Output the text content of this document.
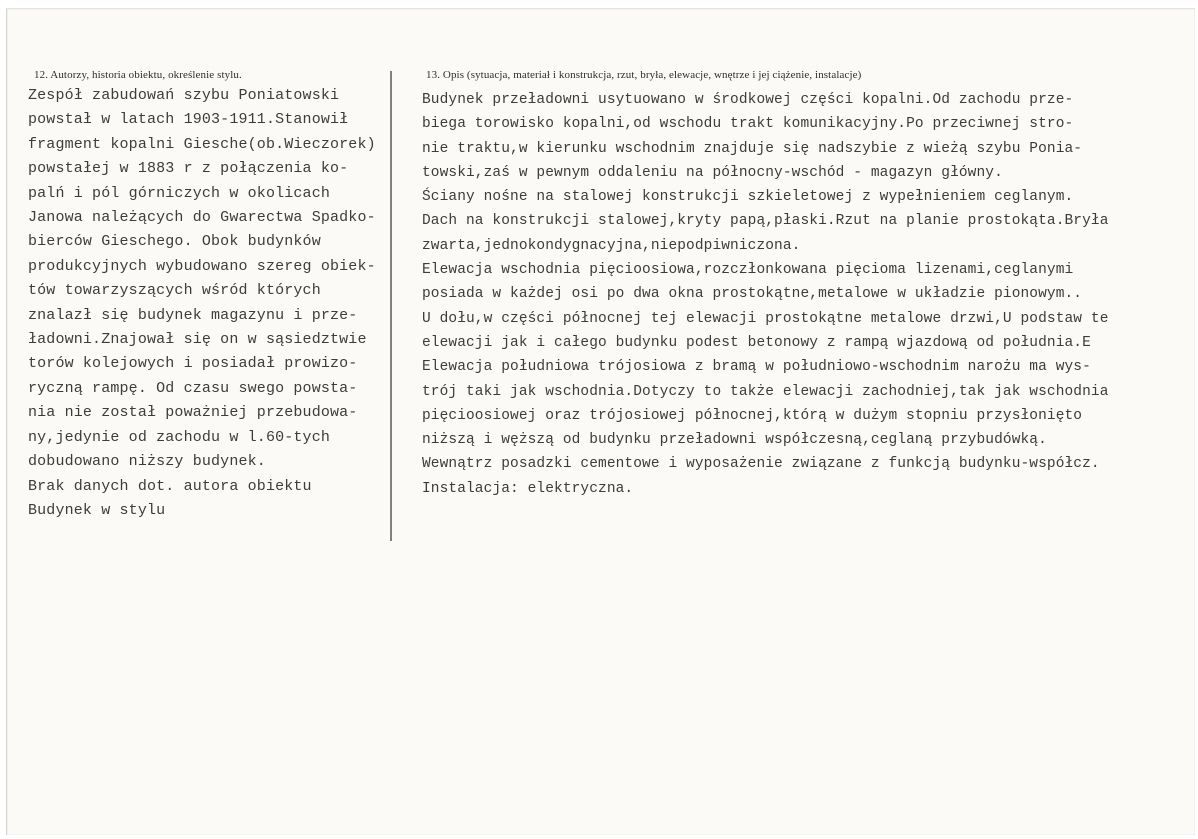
12. Autorzy, historia obiektu, określenie stylu.	13. Opis (sytuacja, materiał i konstrukcja, rzut, bryła, elewacje, wnętrze i jej ciążenie, instalacje)
Zespół zabudowań szybu Poniatowski
powstał w latach 1903-1911.Stanowił
fragment kopalni Giesche(ob.Wieczorek)
powstałej w 1883 r z połączenia ko-
palń i pól górniczych w okolicach
Janowa należących do Gwarectwa Spadko-
bierców Gieschego. Obok budynków
produkcyjnych wybudowano szereg obiek-
tów towarzyszących wśród których
znalazł się budynek magazynu i prze-
ładowni.Znajował się on w sąsiedztwie
torów kolejowych i posiadał prowizo-
ryczną rampę. Od czasu swego powsta-
nia nie został poważniej przebudowa-
ny,jedynie od zachodu w l.60-tych
dobudowano niższy budynek.
Brak danych dot. autora obiektu
Budynek w stylu
Budynek przeładowni usytuowano w środkowej części kopalni.Od zachodu prze-
biega torowisko kopalni,od wschodu trakt komunikacyjny.Po przeciwnej stro-
nie traktu,w kierunku wschodnim znajduje się nadszybie z wieżą szybu Ponia-
towski,zaś w pewnym oddaleniu na północny-wschód - magazyn główny.
Ściany nośne na stalowej konstrukcji szkieletowej z wypełnieniem ceglanym.
Dach na konstrukcji stalowej,kryty papą,płaski.Rzut na planie prostokąta.Bryła
zwarta,jednokondygnacyjna,niepodpiwniczona.
Elewacja wschodnia pięcioosiowa,rozczłonkowana pięcioma lizenami,ceglanymi
posiada w każdej osi po dwa okna prostokątne,metalowe w układzie pionowym..
U dołu,w części północnej tej elewacji prostokątne metalowe drzwi,U podstaw te
elewacji jak i całego budynku podest betonowy z rampą wjazdową od południa.E
Elewacja południowa trójosiowa z bramą w południowo-wschodnim narożu ma wys-
trój taki jak wschodnia.Dotyczy to także elewacji zachodniej,tak jak wschodnia
pięcioosiowej oraz trójosiowej północnej,którą w dużym stopniu przysłonięto
niższą i węższą od budynku przeładowni współczesną,ceglaną przybudówką.
Wewnątrz posadzki cementowe i wyposażenie związane z funkcją budynku-współcz.
Instalacja: elektryczna.
